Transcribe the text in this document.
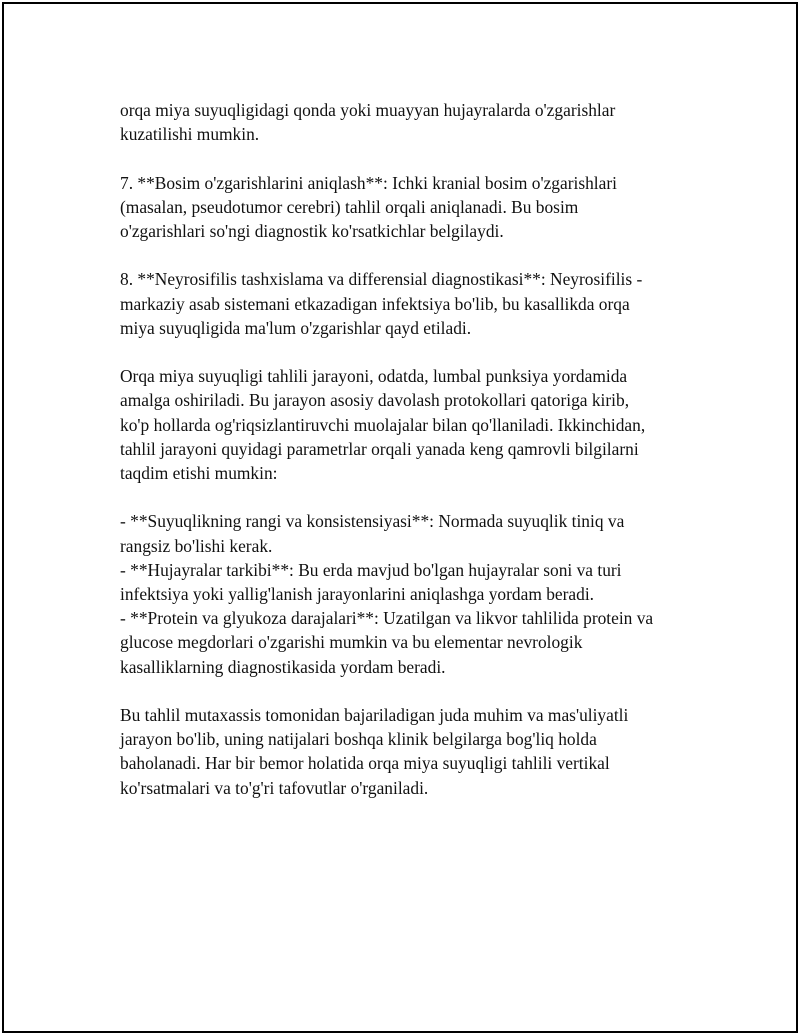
orqa miya suyuqligidagi qonda yoki muayyan hujayralarda o'zgarishlar
kuzatilishi mumkin.

7. **Bosim o'zgarishlarini aniqlash**: Ichki kranial bosim o'zgarishlari
(masalan, pseudotumor cerebri) tahlil orqali aniqlanadi. Bu bosim
o'zgarishlari so'ngi diagnostik ko'rsatkichlar belgilaydi.

8. **Neyrosifilis tashxislama va differensial diagnostikasi**: Neyrosifilis -
markaziy asab sistemani etkazadigan infektsiya bo'lib, bu kasallikda orqa
miya suyuqligida ma'lum o'zgarishlar qayd etiladi.

Orqa miya suyuqligi tahlili jarayoni, odatda, lumbal punksiya yordamida
amalga oshiriladi. Bu jarayon asosiy davolash protokollari qatoriga kirib,
ko'p hollarda og'riqsizlantiruvchi muolajalar bilan qo'llaniladi. Ikkinchidan,
tahlil jarayoni quyidagi parametrlar orqali yanada keng qamrovli bilgilarni
taqdim etishi mumkin:

- **Suyuqlikning rangi va konsistensiyasi**: Normada suyuqlik tiniq va
rangsiz bo'lishi kerak.

- **Hujayralar tarkibi**: Bu erda mavjud bo'lgan hujayralar soni va turi
infektsiya yoki yallig'lanish jarayonlarini aniqlashga yordam beradi.

- **Protein va glyukoza darajalari**: Uzatilgan va likvor tahlilida protein va
glucose megdorlari o'zgarishi mumkin va bu elementar nevrologik
kasalliklarning diagnostikasida yordam beradi.

Bu tahlil mutaxassis tomonidan bajariladigan juda muhim va mas'uliyatli
jarayon bo'lib, uning natijalari boshqa klinik belgilarga bog'liq holda
baholanadi. Har bir bemor holatida orqa miya suyuqligi tahlili vertikal
ko'rsatmalari va to'g'ri tafovutlar o'rganiladi.
